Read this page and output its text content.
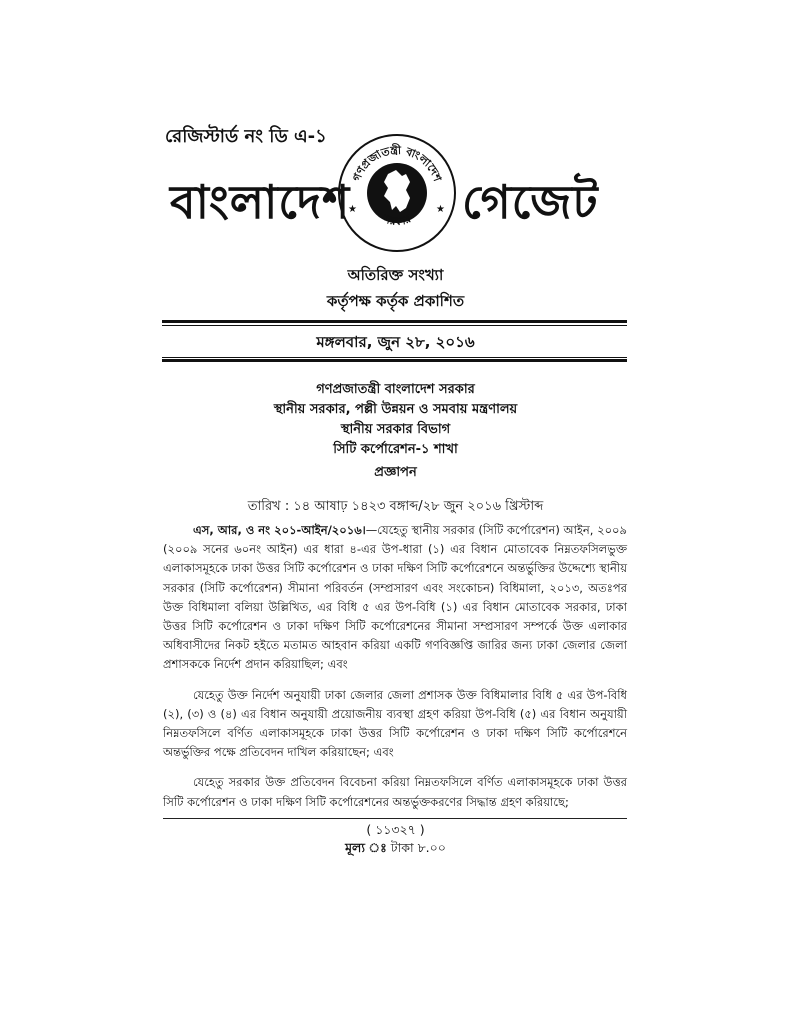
রেজিস্টার্ড নং ডি এ-১
বাংলাদেশ গণপ্রজাতন্ত্রী বাংলাদেশ
সরকার
★	★ গেজেট
অতিরিক্ত সংখ্যা
কর্তৃপক্ষ কর্তৃক প্রকাশিত
মঙ্গলবার, জুন ২৮, ২০১৬
গণপ্রজাতন্ত্রী বাংলাদেশ সরকার
স্থানীয় সরকার, পল্লী উন্নয়ন ও সমবায় মন্ত্রণালয়
স্থানীয় সরকার বিভাগ
সিটি কর্পোরেশন-১ শাখা
প্রজ্ঞাপন
তারিখ : ১৪ আষাঢ় ১৪২৩ বঙ্গাব্দ/২৮ জুন ২০১৬ খ্রিস্টাব্দ

এস, আর, ও নং ২০১-আইন/২০১৬।—যেহেতু স্থানীয় সরকার (সিটি কর্পোরেশন) আইন, ২০০৯ (২০০৯ সনের ৬০নং আইন) এর ধারা ৪-এর উপ-ধারা (১) এর বিধান মোতাবেক নিম্নতফসিলভুক্ত এলাকাসমূহকে ঢাকা উত্তর সিটি কর্পোরেশন ও ঢাকা দক্ষিণ সিটি কর্পোরেশনে অন্তর্ভুক্তির উদ্দেশ্যে স্থানীয় সরকার (সিটি কর্পোরেশন) সীমানা পরিবর্তন (সম্প্রসারণ এবং সংকোচন) বিধিমালা, ২০১৩, অতঃপর উক্ত বিধিমালা বলিয়া উল্লিখিত, এর বিধি ৫ এর উপ-বিধি (১) এর বিধান মোতাবেক সরকার, ঢাকা উত্তর সিটি কর্পোরেশন ও ঢাকা দক্ষিণ সিটি কর্পোরেশনের সীমানা সম্প্রসারণ সম্পর্কে উক্ত এলাকার অধিবাসীদের নিকট হইতে মতামত আহবান করিয়া একটি গণবিজ্ঞপ্তি জারির জন্য ঢাকা জেলার জেলা প্রশাসককে নির্দেশ প্রদান করিয়াছিল; এবং

যেহেতু উক্ত নির্দেশ অনুযায়ী ঢাকা জেলার জেলা প্রশাসক উক্ত বিধিমালার বিধি ৫ এর উপ-বিধি (২), (৩) ও (৪) এর বিধান অনুযায়ী প্রয়োজনীয় ব্যবস্থা গ্রহণ করিয়া উপ-বিধি (৫) এর বিধান অনুযায়ী নিম্নতফসিলে বর্ণিত এলাকাসমূহকে ঢাকা উত্তর সিটি কর্পোরেশন ও ঢাকা দক্ষিণ সিটি কর্পোরেশনে অন্তর্ভুক্তির পক্ষে প্রতিবেদন দাখিল করিয়াছেন; এবং

যেহেতু সরকার উক্ত প্রতিবেদন বিবেচনা করিয়া নিম্নতফসিলে বর্ণিত এলাকাসমূহকে ঢাকা উত্তর সিটি কর্পোরেশন ও ঢাকা দক্ষিণ সিটি কর্পোরেশনের অন্তর্ভুক্তকরণের সিদ্ধান্ত গ্রহণ করিয়াছে;

( ১১৩২৭ )
মূল্য ঃ টাকা ৮.০০
